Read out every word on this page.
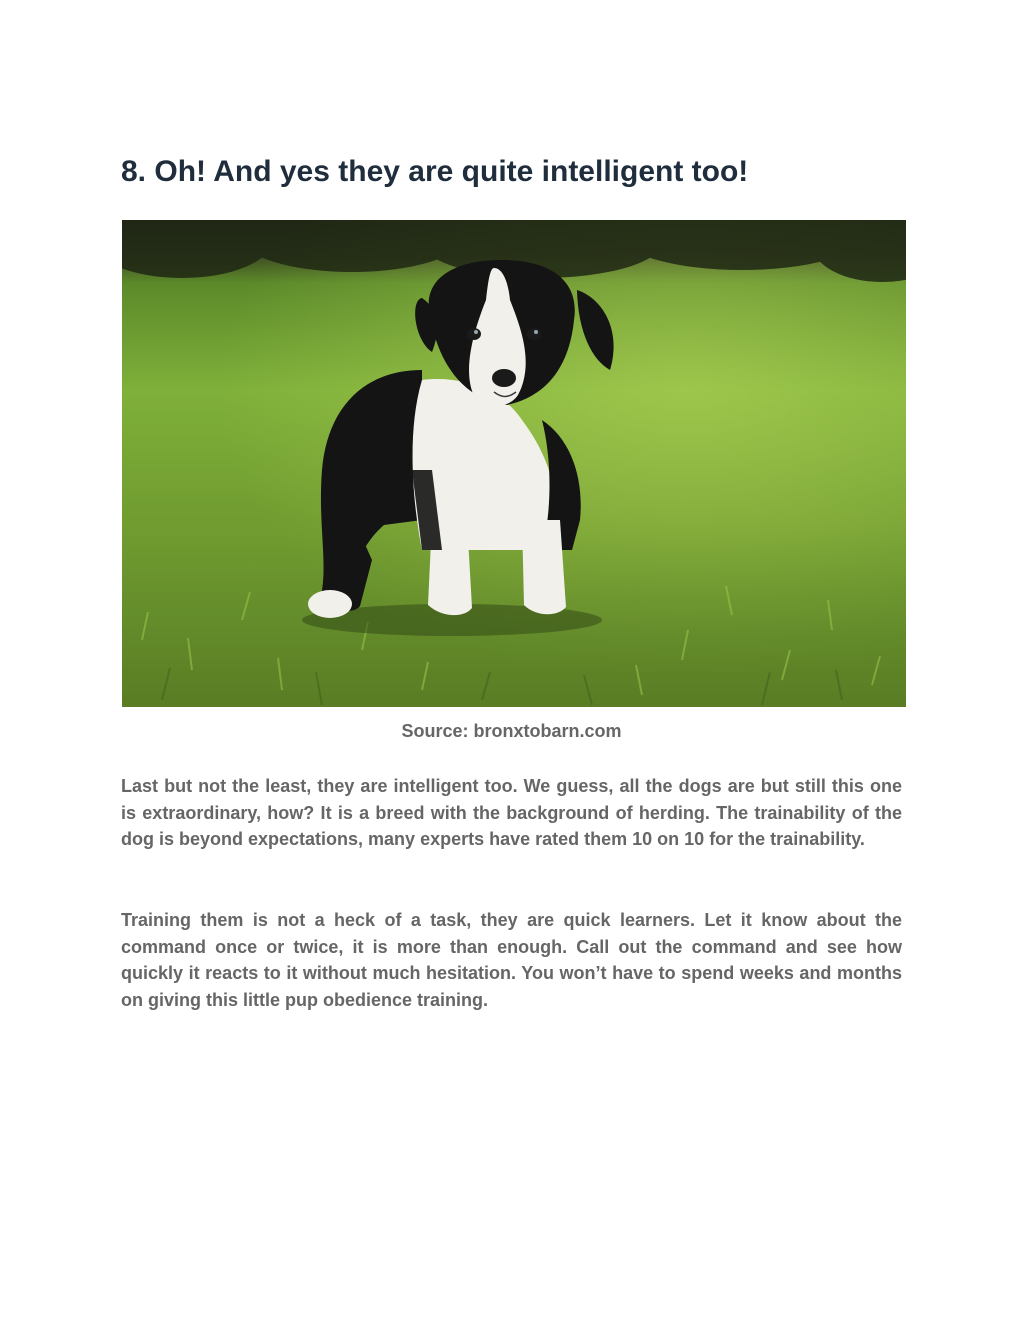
8. Oh! And yes they are quite intelligent too!

Source: bronxtobarn.com

Last but not the least, they are intelligent too. We guess, all the dogs are but still this one is extraordinary, how? It is a breed with the background of herding. The trainability of the dog is beyond expectations, many experts have rated them 10 on 10 for the trainability.

Training them is not a heck of a task, they are quick learners. Let it know about the command once or twice, it is more than enough. Call out the command and see how quickly it reacts to it without much hesitation. You won’t have to spend weeks and months on giving this little pup obedience training.
